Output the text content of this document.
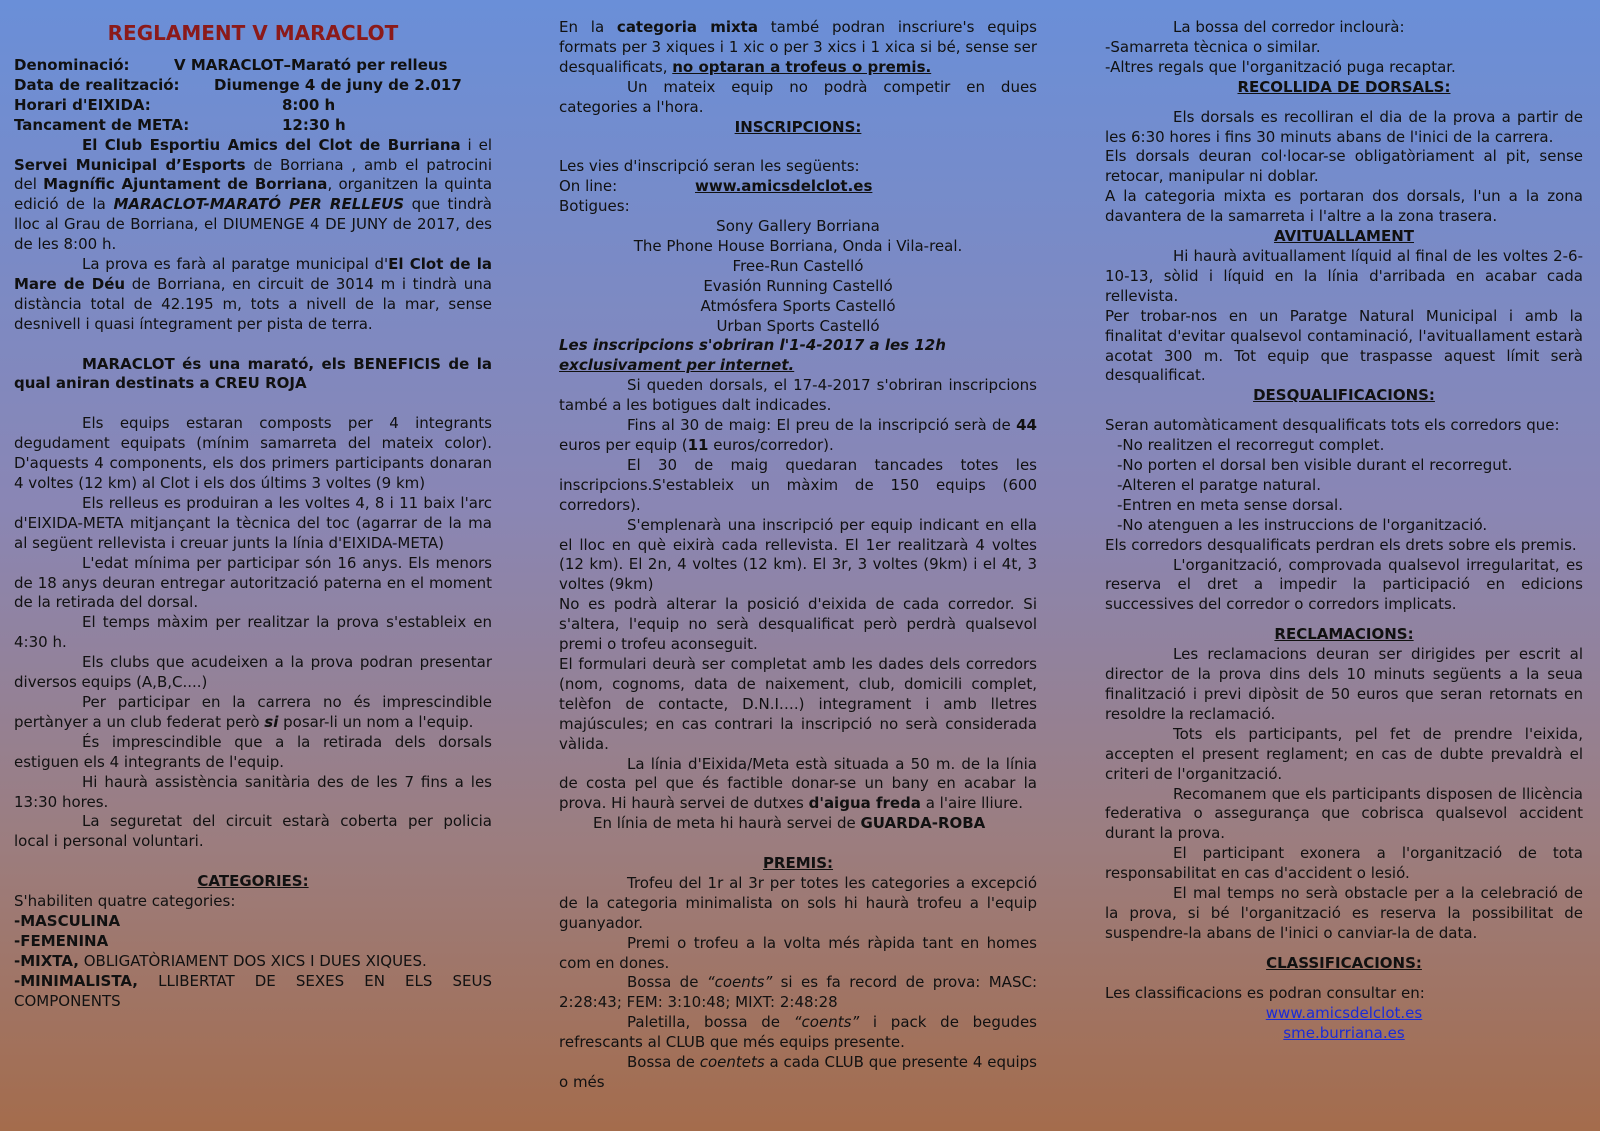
REGLAMENT V MARACLOT

Denominació:	V MARACLOT–Marató per relleus
Data de realització:	Diumenge 4 de juny de 2.017
Horari d'EIXIDA:	8:00 h
Tancament de META:	12:30 h

El Club Esportiu Amics del Clot de Burriana i el Servei Municipal d’Esports de Borriana , amb el patrocini del Magnífic Ajuntament de Borriana, organitzen la quinta edició de la MARACLOT-MARATÓ PER RELLEUS que tindrà lloc al Grau de Borriana, el DIUMENGE 4 DE JUNY de 2017, des de les 8:00 h.

La prova es farà al paratge municipal d'El Clot de la Mare de Déu de Borriana, en circuit de 3014 m i tindrà una distància total de 42.195 m, tots a nivell de la mar, sense desnivell i quasi íntegrament per pista de terra.

MARACLOT és una marató, els BENEFICIS de la qual aniran destinats a CREU ROJA

Els equips estaran composts per 4 integrants degudament equipats (mínim samarreta del mateix color). D'aquests 4 components, els dos primers participants donaran 4 voltes (12 km) al Clot i els dos últims 3 voltes (9 km)

Els relleus es produiran a les voltes 4, 8 i 11 baix l'arc d'EIXIDA-META mitjançant la tècnica del toc (agarrar de la ma al següent rellevista i creuar junts la línia d'EIXIDA-META)

L'edat mínima per participar són 16 anys. Els menors de 18 anys deuran entregar autorització paterna en el moment de la retirada del dorsal.

El temps màxim per realitzar la prova s'estableix en 4:30 h.

Els clubs que acudeixen a la prova podran presentar diversos equips (A,B,C....)

Per participar en la carrera no és imprescindible pertànyer a un club federat però si posar-li un nom a l'equip.

És imprescindible que a la retirada dels dorsals estiguen els 4 integrants de l'equip.

Hi haurà assistència sanitària des de les 7 fins a les 13:30 hores.

La seguretat del circuit estarà coberta per policia local i personal voluntari.

CATEGORIES:

S'habiliten quatre categories:

-MASCULINA

-FEMENINA

-MIXTA, OBLIGATÒRIAMENT DOS XICS I DUES XIQUES.

-MINIMALISTA, LLIBERTAT DE SEXES EN ELS SEUS COMPONENTS

En la categoria mixta també podran inscriure's equips formats per 3 xiques i 1 xic o per 3 xics i 1 xica si bé, sense ser desqualificats, no optaran a trofeus o premis.

Un mateix equip no podrà competir en dues categories a l'hora.

INSCRIPCIONS:

Les vies d'inscripció seran les següents:

On line:	www.amicsdelclot.es

Botigues:

Sony Gallery Borriana

The Phone House Borriana, Onda i Vila-real.

Free-Run Castelló

Evasión Running Castelló

Atmósfera Sports Castelló

Urban Sports Castelló

Les inscripcions s'obriran l'1-4-2017 a les 12h

exclusivament per internet.

Si queden dorsals, el 17-4-2017 s'obriran inscripcions també a les botigues dalt indicades.

Fins al 30 de maig: El preu de la inscripció serà de 44 euros per equip (11 euros/corredor).

El 30 de maig quedaran tancades totes les inscripcions.S'estableix un màxim de 150 equips (600 corredors).

S'emplenarà una inscripció per equip indicant en ella el lloc en què eixirà cada rellevista. El 1er realitzarà 4 voltes (12 km). El 2n, 4 voltes (12 km). El 3r, 3 voltes (9km) i el 4t, 3 voltes (9km)

No es podrà alterar la posició d'eixida de cada corredor. Si s'altera, l'equip no serà desqualificat però perdrà qualsevol premi o trofeu aconseguit.

El formulari deurà ser completat amb les dades dels corredors (nom, cognoms, data de naixement, club, domicili complet, telèfon de contacte, D.N.I….) integrament i amb lletres majúscules; en cas contrari la inscripció no serà considerada vàlida.

La línia d'Eixida/Meta està situada a 50 m. de la línia de costa pel que és factible donar-se un bany en acabar la prova. Hi haurà servei de dutxes d'aigua freda a l'aire lliure.

En línia de meta hi haurà servei de GUARDA-ROBA

PREMIS:

Trofeu del 1r al 3r per totes les categories a excepció de la categoria minimalista on sols hi haurà trofeu a l'equip guanyador.

Premi o trofeu a la volta més ràpida tant en homes com en dones.

Bossa de “coents” si es fa record de prova: MASC: 2:28:43; FEM: 3:10:48; MIXT: 2:48:28

Paletilla, bossa de “coents” i pack de begudes refrescants al CLUB que més equips presente.

Bossa de coentets a cada CLUB que presente 4 equips o més

La bossa del corredor inclourà:

-Samarreta tècnica o similar.

-Altres regals que l'organització puga recaptar.

RECOLLIDA DE DORSALS:

Els dorsals es recolliran el dia de la prova a partir de les 6:30 hores i fins 30 minuts abans de l'inici de la carrera.

Els dorsals deuran col·locar-se obligatòriament al pit, sense retocar, manipular ni doblar.

A la categoria mixta es portaran dos dorsals, l'un a la zona davantera de la samarreta i l'altre a la zona trasera.

AVITUALLAMENT

Hi haurà avituallament líquid al final de les voltes 2-6-10-13, sòlid i líquid en la línia d'arribada en acabar cada rellevista.

Per trobar-nos en un Paratge Natural Municipal i amb la finalitat d'evitar qualsevol contaminació, l'avituallament estarà acotat 300 m. Tot equip que traspasse aquest límit serà desqualificat.

DESQUALIFICACIONS:

Seran automàticament desqualificats tots els corredors que:

-No realitzen el recorregut complet.

-No porten el dorsal ben visible durant el recorregut.

-Alteren el paratge natural.

-Entren en meta sense dorsal.

-No atenguen a les instruccions de l'organització.

Els corredors desqualificats perdran els drets sobre els premis.

L'organització, comprovada qualsevol irregularitat, es reserva el dret a impedir la participació en edicions successives del corredor o corredors implicats.

RECLAMACIONS:

Les reclamacions deuran ser dirigides per escrit al director de la prova dins dels 10 minuts següents a la seua finalització i previ dipòsit de 50 euros que seran retornats en resoldre la reclamació.

Tots els participants, pel fet de prendre l'eixida, accepten el present reglament; en cas de dubte prevaldrà el criteri de l'organització.

Recomanem que els participants disposen de llicència federativa o assegurança que cobrisca qualsevol accident durant la prova.

El participant exonera a l'organització de tota responsabilitat en cas d'accident o lesió.

El mal temps no serà obstacle per a la celebració de la prova, si bé l'organització es reserva la possibilitat de suspendre-la abans de l'inici o canviar-la de data.

CLASSIFICACIONS:

Les classificacions es podran consultar en:

www.amicsdelclot.es

sme.burriana.es
